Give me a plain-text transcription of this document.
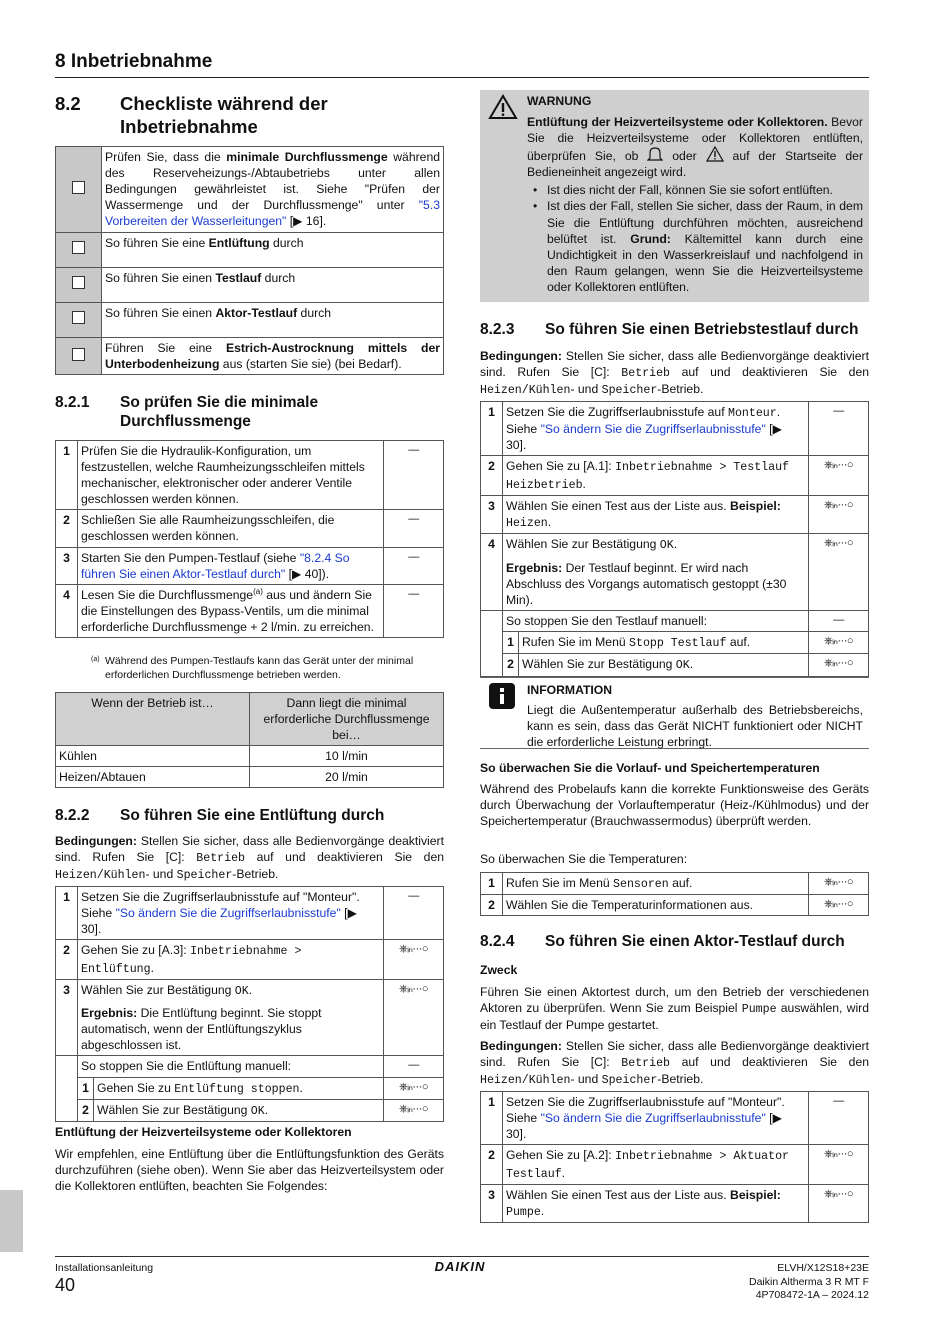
8 Inbetriebnahme
8.2 Checkliste während der Inbetriebnahme
	Prüfen Sie, dass die minimale Durchflussmenge während des Reserveheizungs-/Abtaubetriebs unter allen Bedingungen gewährleistet ist. Siehe "Prüfen der Wassermenge und der Durchflussmenge" unter "5.3 Vorbereiten der Wasserleitungen" [▶ 16].
	So führen Sie eine Entlüftung durch
	So führen Sie einen Testlauf durch
	So führen Sie einen Aktor-Testlauf durch
	Führen Sie eine Estrich-Austrocknung mittels der Unterbodenheizung aus (starten Sie sie) (bei Bedarf).
8.2.1 So prüfen Sie die minimale Durchflussmenge
1	Prüfen Sie die Hydraulik-Konfiguration, um festzustellen, welche Raumheizungsschleifen mittels mechanischer, elektronischer oder anderer Ventile geschlossen werden können.	—
2	Schließen Sie alle Raumheizungsschleifen, die geschlossen werden können.	—
3	Starten Sie den Pumpen-Testlauf (siehe "8.2.4 So führen Sie einen Aktor-Testlauf durch" [▶ 40]).	—
4	Lesen Sie die Durchflussmenge$^{(a)}$ aus und ändern Sie die Einstellungen des Bypass-Ventils, um die minimal erforderliche Durchflussmenge + 2 l/min. zu erreichen.	—
(a) Während des Pumpen-Testlaufs kann das Gerät unter der minimal erforderlichen Durchflussmenge betrieben werden.
Wenn der Betrieb ist…	Dann liegt die minimal erforderliche Durchflussmenge bei…
Kühlen	10 l/min
Heizen/Abtauen	20 l/min
8.2.2 So führen Sie eine Entlüftung durch
Bedingungen: Stellen Sie sicher, dass alle Bedienvorgänge deaktiviert sind. Rufen Sie [C]: Betrieb auf und deaktivieren Sie den Heizen/Kühlen- und Speicher-Betrieb.
1	Setzen Sie die Zugriffserlaubnisstufe auf "Monteur". Siehe "So ändern Sie die Zugriffserlaubnisstufe" [▶ 30].		—
2	Gehen Sie zu [A.3]: Inbetriebnahme > Entlüftung.		⎈ᵢₙ···○
3	Wählen Sie zur Bestätigung OK.
Ergebnis: Die Entlüftung beginnt. Sie stoppt automatisch, wenn der Entlüftungszyklus abgeschlossen ist.		⎈ᵢₙ···○
	So stoppen Sie die Entlüftung manuell:		—
	1	Gehen Sie zu Entlüftung stoppen.	⎈ᵢₙ···○
	2	Wählen Sie zur Bestätigung OK.	⎈ᵢₙ···○
Entlüftung der Heizverteilsysteme oder Kollektoren
Wir empfehlen, eine Entlüftung über die Entlüftungsfunktion des Geräts durchzuführen (siehe oben). Wenn Sie aber das Heizverteilsystem oder die Kollektoren entlüften, beachten Sie Folgendes:
WARNUNG
Entlüftung der Heizverteilsysteme oder Kollektoren. Bevor Sie die Heizverteilsysteme oder Kollektoren entlüften, überprüfen Sie, ob  oder  auf der Startseite der Bedieneinheit angezeigt wird.
• Ist dies nicht der Fall, können Sie sie sofort entlüften.
• Ist dies der Fall, stellen Sie sicher, dass der Raum, in dem Sie die Entlüftung durchführen möchten, ausreichend belüftet ist. Grund: Kältemittel kann durch eine Undichtigkeit in den Wasserkreislauf und nachfolgend in den Raum gelangen, wenn Sie die Heizverteilsysteme oder Kollektoren entlüften.
8.2.3 So führen Sie einen Betriebstestlauf durch
Bedingungen: Stellen Sie sicher, dass alle Bedienvorgänge deaktiviert sind. Rufen Sie [C]: Betrieb auf und deaktivieren Sie den Heizen/Kühlen- und Speicher-Betrieb.
1	Setzen Sie die Zugriffserlaubnisstufe auf Monteur. Siehe "So ändern Sie die Zugriffserlaubnisstufe" [▶ 30].		—
2	Gehen Sie zu [A.1]: Inbetriebnahme > Testlauf Heizbetrieb.		⎈ᵢₙ···○
3	Wählen Sie einen Test aus der Liste aus. Beispiel: Heizen.		⎈ᵢₙ···○
4	Wählen Sie zur Bestätigung OK.
Ergebnis: Der Testlauf beginnt. Er wird nach Abschluss des Vorgangs automatisch gestoppt (±30 Min).		⎈ᵢₙ···○
	So stoppen Sie den Testlauf manuell:		—
	1	Rufen Sie im Menü Stopp Testlauf auf.	⎈ᵢₙ···○
	2	Wählen Sie zur Bestätigung OK.	⎈ᵢₙ···○
So überwachen Sie die Vorlauf- und Speichertemperaturen
Während des Probelaufs kann die korrekte Funktionsweise des Geräts durch Überwachung der Vorlauftemperatur (Heiz-/Kühlmodus) und der Speichertemperatur (Brauchwassermodus) überprüft werden.
So überwachen Sie die Temperaturen:
1	Rufen Sie im Menü Sensoren auf.	⎈ᵢₙ···○
2	Wählen Sie die Temperaturinformationen aus.	⎈ᵢₙ···○
8.2.4 So führen Sie einen Aktor-Testlauf durch
Zweck
Führen Sie einen Aktortest durch, um den Betrieb der verschiedenen Aktoren zu überprüfen. Wenn Sie zum Beispiel Pumpe auswählen, wird ein Testlauf der Pumpe gestartet.
Bedingungen: Stellen Sie sicher, dass alle Bedienvorgänge deaktiviert sind. Rufen Sie [C]: Betrieb auf und deaktivieren Sie den Heizen/Kühlen- und Speicher-Betrieb.
1	Setzen Sie die Zugriffserlaubnisstufe auf "Monteur". Siehe "So ändern Sie die Zugriffserlaubnisstufe" [▶ 30].	—
2	Gehen Sie zu [A.2]: Inbetriebnahme > Aktuator Testlauf.	⎈ᵢₙ···○
3	Wählen Sie einen Test aus der Liste aus. Beispiel: Pumpe.	⎈ᵢₙ···○
INFORMATION
Liegt die Außentemperatur außerhalb des Betriebsbereichs, kann es sein, dass das Gerät NICHT funktioniert oder NICHT die erforderliche Leistung erbringt.
Installationsanleitung
40
DAIKIN	ELVH/X12S18+23E
Daikin Altherma 3 R MT F
4P708472-1A – 2024.12
